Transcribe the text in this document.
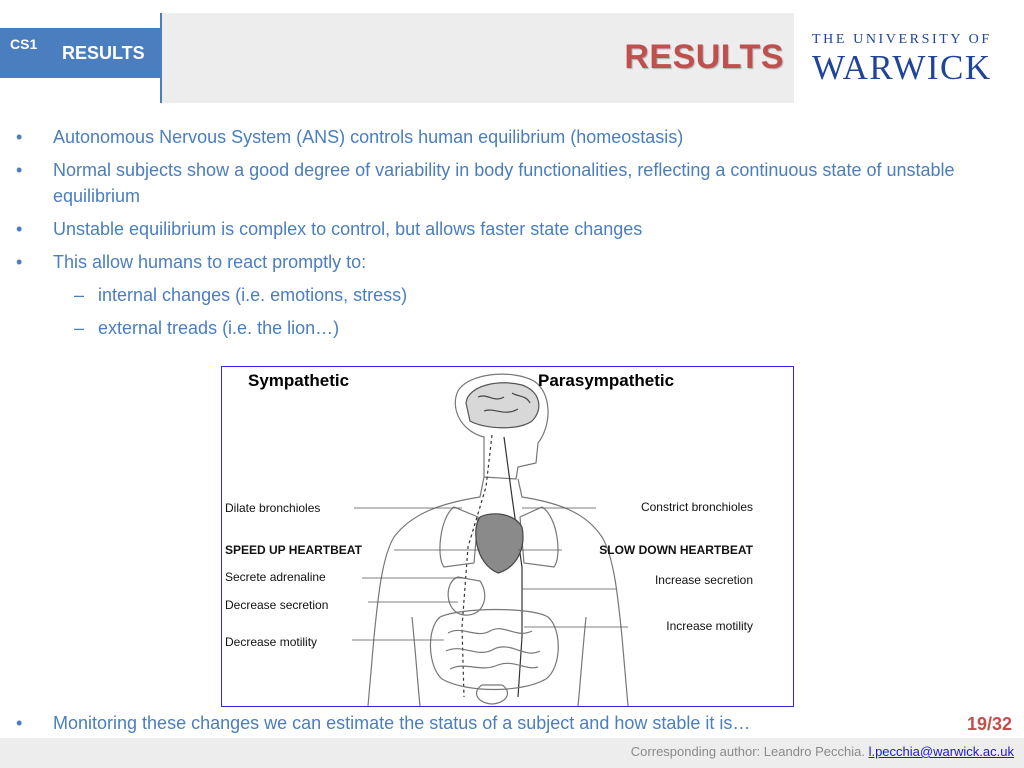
CS1 RESULTS	RESULTS THE UNIVERSITY OF
WARWICK
• Autonomous Nervous System (ANS) controls human equilibrium (homeostasis)
• Normal subjects show a good degree of variability in body functionalities, reflecting a continuous state of unstable equilibrium
• Unstable equilibrium is complex to control, but allows faster state changes
• This allow humans to react promptly to:
– internal changes (i.e. emotions, stress)
– external treads (i.e. the lion…)
Sympathetic	Parasympathetic
Dilate bronchioles
SPEED UP HEARTBEAT
Secrete adrenaline
Decrease secretion
Decrease motility
Constrict bronchioles
SLOW DOWN HEARTBEAT
Increase secretion
Increase motility
• Monitoring these changes we can estimate the status of a subject and how stable it is…	19/32
Corresponding author: Leandro Pecchia. l.pecchia@warwick.ac.uk
